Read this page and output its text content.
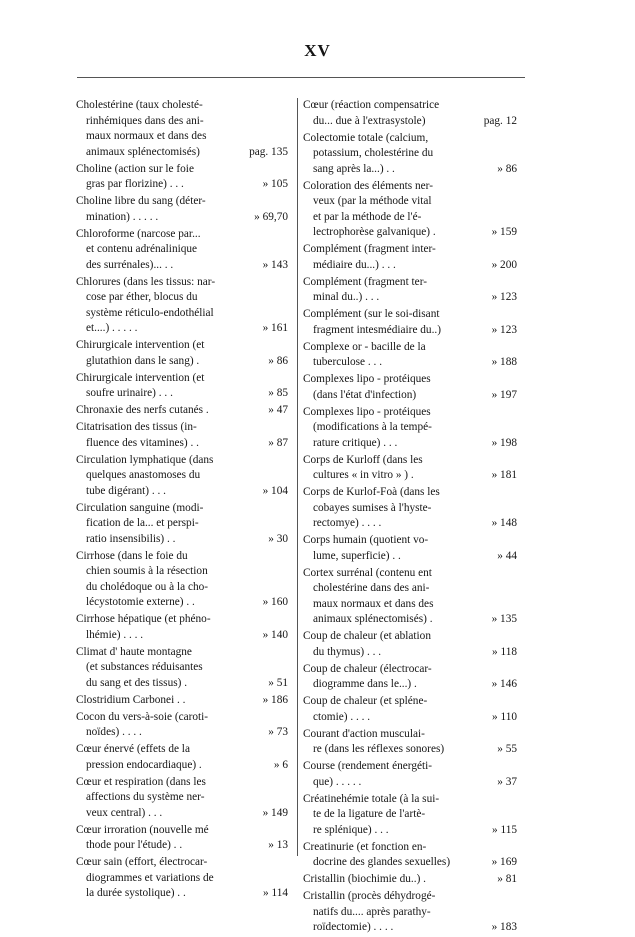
XV
Cholestérine (taux cholesté-
rinhémiques dans des ani-
maux normaux et dans des
animaux splénectomisés)	pag. 135
Choline (action sur le foie
gras par florizine) . . .	» 105
Choline libre du sang (déter-
mination) . . . . .	» 69,70
Chloroforme (narcose par...
et contenu adrénalinique
des surrénales)... . .	» 143
Chlorures (dans les tissus: nar-
cose par éther, blocus du
système réticulo-endothélial
et....) . . . . .	» 161
Chirurgicale intervention (et
glutathion dans le sang) .	» 86
Chirurgicale intervention (et
soufre urinaire) . . .	» 85
Chronaxie des nerfs cutanés .	» 47
Citatrisation des tissus (in-
fluence des vitamines) . .	» 87
Circulation lymphatique (dans
quelques anastomoses du
tube digérant) . . .	» 104
Circulation sanguine (modi-
fication de la... et perspi-
ratio insensibilis) . .	» 30
Cirrhose (dans le foie du
chien soumis à la résection
du cholédoque ou à la cho-
lécystotomie externe) . .	» 160
Cirrhose hépatique (et phéno-
lhémie) . . . .	» 140
Climat d' haute montagne
(et substances réduisantes
du sang et des tissus) .	» 51
Clostridium Carbonei . .	» 186
Cocon du vers-à-soie (caroti-
noïdes) . . . .	» 73
Cœur énervé (effets de la
pression endocardiaque) .	» 6
Cœur et respiration (dans les
affections du système ner-
veux central) . . .	» 149
Cœur irroration (nouvelle mé
thode pour l'étude) . .	» 13
Cœur sain (effort, électrocar-
diogrammes et variations de
la durée systolique) . .	» 114
Cœur (réaction compensatrice
du... due à l'extrasystole)	pag. 12
Colectomie totale (calcium,
potassium, cholestérine du
sang après la...) . .	» 86
Coloration des éléments ner-
veux (par la méthode vital
et par la méthode de l'é-
lectrophorèse galvanique) .	» 159
Complément (fragment inter-
médiaire du...) . . .	» 200
Complément (fragment ter-
minal du..) . . .	» 123
Complément (sur le soi-disant
fragment intesmédiaire du..)	» 123
Complexe or - bacille de la
tuberculose . . .	» 188
Complexes lipo - protéiques
(dans l'état d'infection)	» 197
Complexes lipo - protéiques
(modifications à la tempé-
rature critique) . . .	» 198
Corps de Kurloff (dans les
cultures « in vitro » ) .	» 181
Corps de Kurlof-Foà (dans les
cobayes sumises à l'hyste-
rectomye) . . . .	» 148
Corps humain (quotient vo-
lume, superficie) . .	» 44
Cortex surrénal (contenu ent
cholestérine dans des ani-
maux normaux et dans des
animaux splénectomisés) .	» 135
Coup de chaleur (et ablation
du thymus) . . .	» 118
Coup de chaleur (électrocar-
diogramme dans le...) .	» 146
Coup de chaleur (et spléne-
ctomie) . . . .	» 110
Courant d'action musculai-
re (dans les réflexes sonores)	» 55
Course (rendement énergéti-
que) . . . . .	» 37
Créatinehémie totale (à la sui-
te de la ligature de l'artè-
re splénique) . . .	» 115
Creatinurie (et fonction en-
docrine des glandes sexuelles)	» 169
Cristallin (biochimie du..) .	» 81
Cristallin (procès déhydrogé-
natifs du.... après parathy-
roïdectomie) . . . .	» 183
